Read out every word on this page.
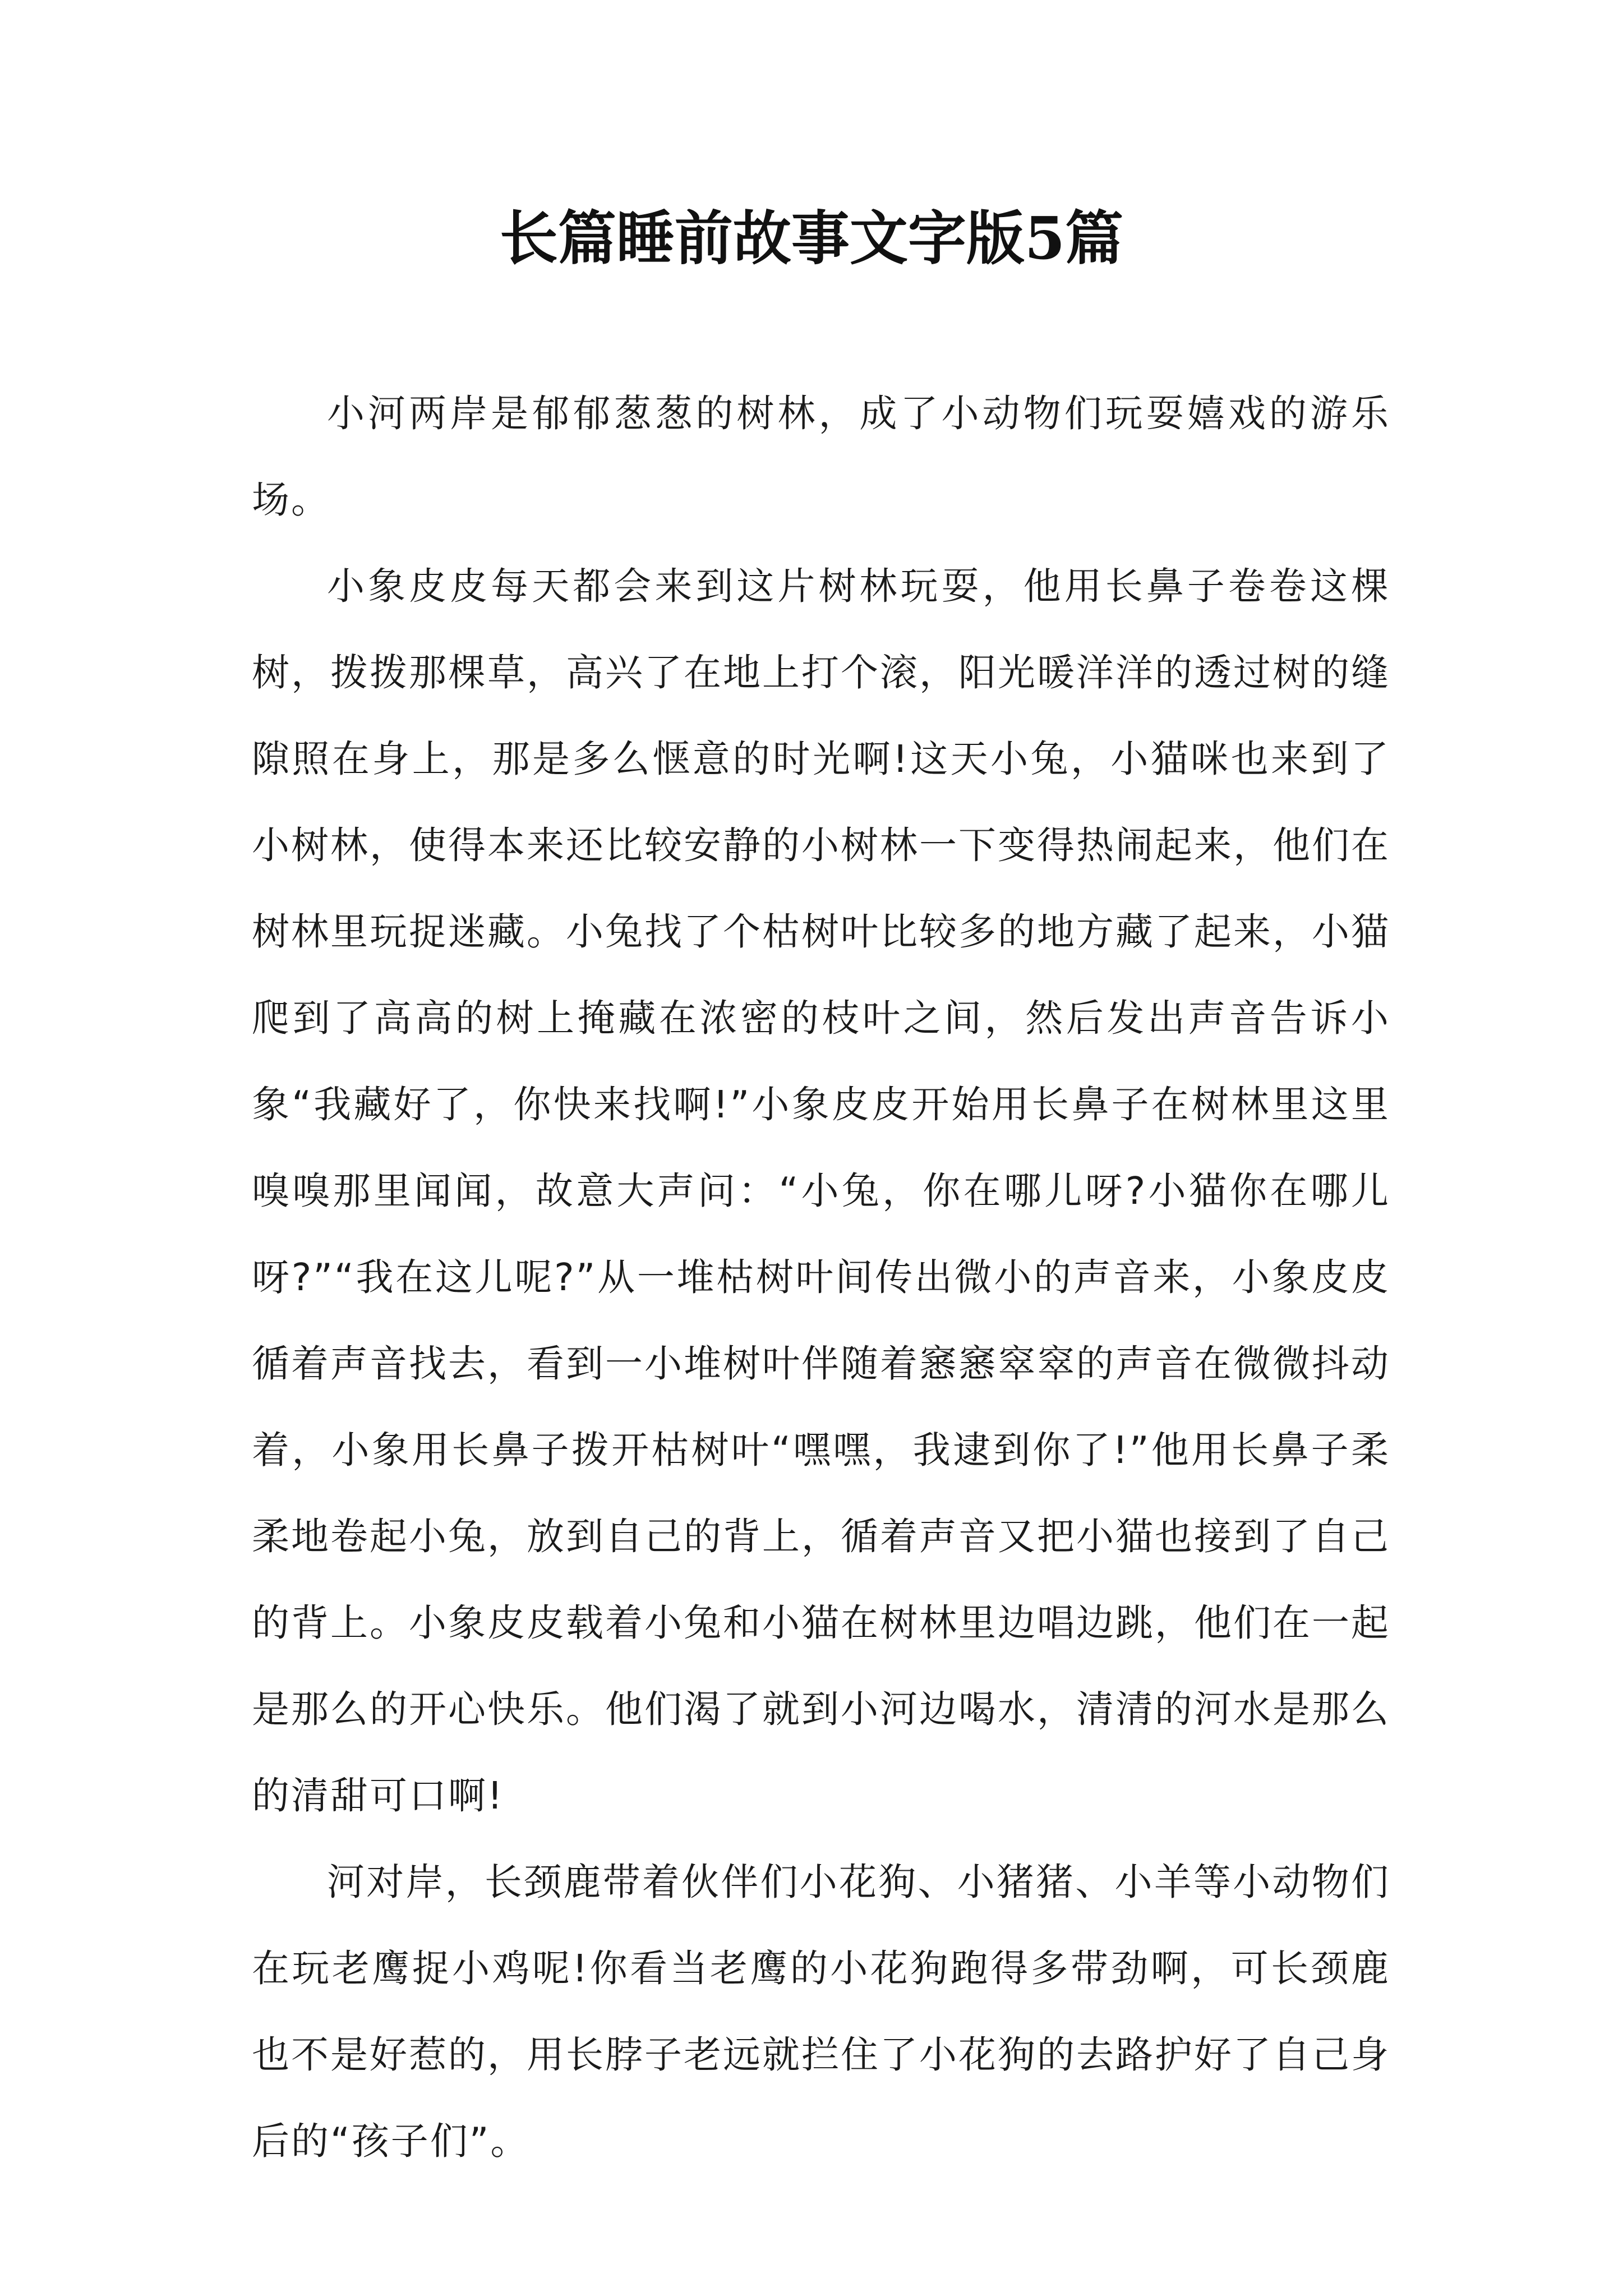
长篇睡前故事文字版5篇

小河两岸是郁郁葱葱的树林，成了小动物们玩耍嬉戏的游乐场。

小象皮皮每天都会来到这片树林玩耍，他用长鼻子卷卷这棵树，拨拨那棵草，高兴了在地上打个滚，阳光暖洋洋的透过树的缝隙照在身上，那是多么惬意的时光啊!这天小兔，小猫咪也来到了小树林，使得本来还比较安静的小树林一下变得热闹起来，他们在树林里玩捉迷藏。小兔找了个枯树叶比较多的地方藏了起来，小猫爬到了高高的树上掩藏在浓密的枝叶之间，然后发出声音告诉小象“我藏好了，你快来找啊!”小象皮皮开始用长鼻子在树林里这里嗅嗅那里闻闻，故意大声问：“小兔，你在哪儿呀?小猫你在哪儿呀?”“我在这儿呢?”从一堆枯树叶间传出微小的声音来，小象皮皮循着声音找去，看到一小堆树叶伴随着窸窸窣窣的声音在微微抖动着，小象用长鼻子拨开枯树叶“嘿嘿，我逮到你了!”他用长鼻子柔柔地卷起小兔，放到自己的背上，循着声音又把小猫也接到了自己的背上。小象皮皮载着小兔和小猫在树林里边唱边跳，他们在一起是那么的开心快乐。他们渴了就到小河边喝水，清清的河水是那么的清甜可口啊!

河对岸，长颈鹿带着伙伴们小花狗、小猪猪、小羊等小动物们在玩老鹰捉小鸡呢!你看当老鹰的小花狗跑得多带劲啊，可长颈鹿也不是好惹的，用长脖子老远就拦住了小花狗的去路护好了自己身后的“孩子们”。
